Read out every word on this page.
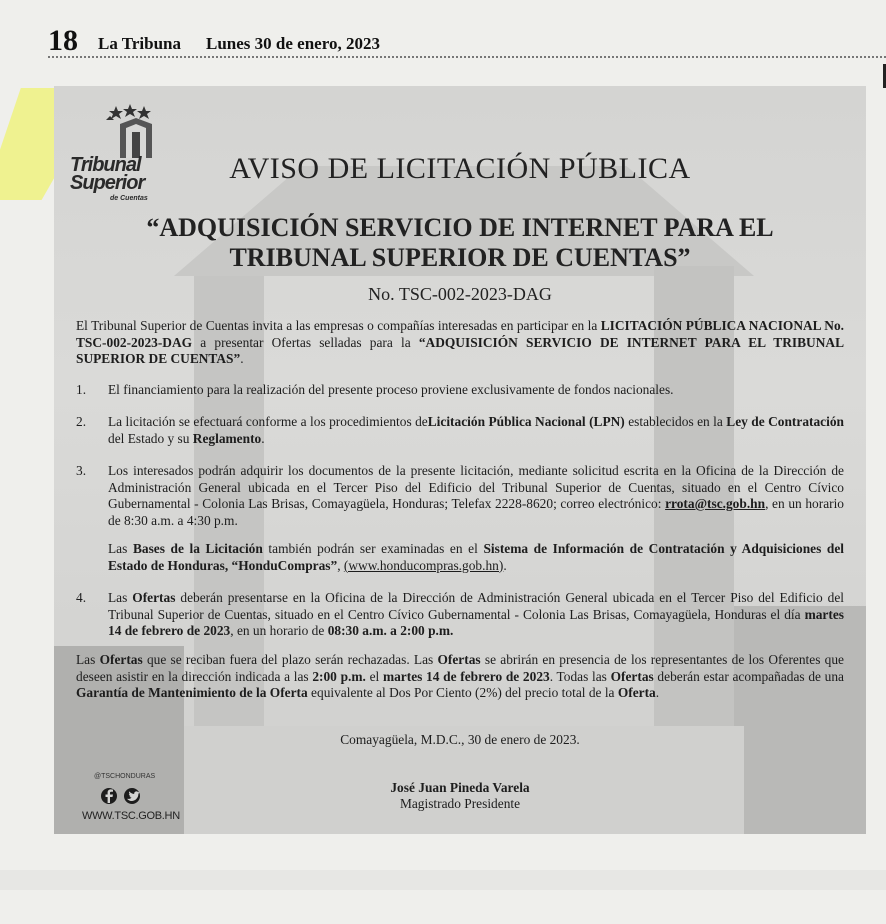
18 La Tribuna Lunes 30 de enero, 2023
Tribunal
Superior
de Cuentas
AVISO DE LICITACIÓN PÚBLICA
“ADQUISICIÓN SERVICIO DE INTERNET PARA EL TRIBUNAL SUPERIOR DE CUENTAS”
No. TSC-002-2023-DAG
El Tribunal Superior de Cuentas invita a las empresas o compañías interesadas en participar en la LICITACIÓN PÚBLICA NACIONAL No. TSC-002-2023-DAG a presentar Ofertas selladas para la “ADQUISICIÓN SERVICIO DE INTERNET PARA EL TRIBUNAL SUPERIOR DE CUENTAS”.
1. El financiamiento para la realización del presente proceso proviene exclusivamente de fondos nacionales.
2. La licitación se efectuará conforme a los procedimientos deLicitación Pública Nacional (LPN) establecidos en la Ley de Contratación del Estado y su Reglamento.
3. Los interesados podrán adquirir los documentos de la presente licitación, mediante solicitud escrita en la Oficina de la Dirección de Administración General ubicada en el Tercer Piso del Edificio del Tribunal Superior de Cuentas, situado en el Centro Cívico Gubernamental - Colonia Las Brisas, Comayagüela, Honduras; Telefax 2228-8620; correo electrónico: rrota@tsc.gob.hn, en un horario de 8:30 a.m. a 4:30 p.m.
Las Bases de la Licitación también podrán ser examinadas en el Sistema de Información de Contratación y Adquisiciones del Estado de Honduras, “HonduCompras”, (www.honducompras.gob.hn).
4. Las Ofertas deberán presentarse en la Oficina de la Dirección de Administración General ubicada en el Tercer Piso del Edificio del Tribunal Superior de Cuentas, situado en el Centro Cívico Gubernamental - Colonia Las Brisas, Comayagüela, Honduras el día martes 14 de febrero de 2023, en un horario de 08:30 a.m. a 2:00 p.m.
Las Ofertas que se reciban fuera del plazo serán rechazadas. Las Ofertas se abrirán en presencia de los representantes de los Oferentes que deseen asistir en la dirección indicada a las 2:00 p.m. el martes 14 de febrero de 2023. Todas las Ofertas deberán estar acompañadas de una Garantía de Mantenimiento de la Oferta equivalente al Dos Por Ciento (2%) del precio total de la Oferta.
Comayagüela, M.D.C., 30 de enero de 2023.
José Juan Pineda Varela
Magistrado Presidente
@TSCHONDURAS
WWW.TSC.GOB.HN
